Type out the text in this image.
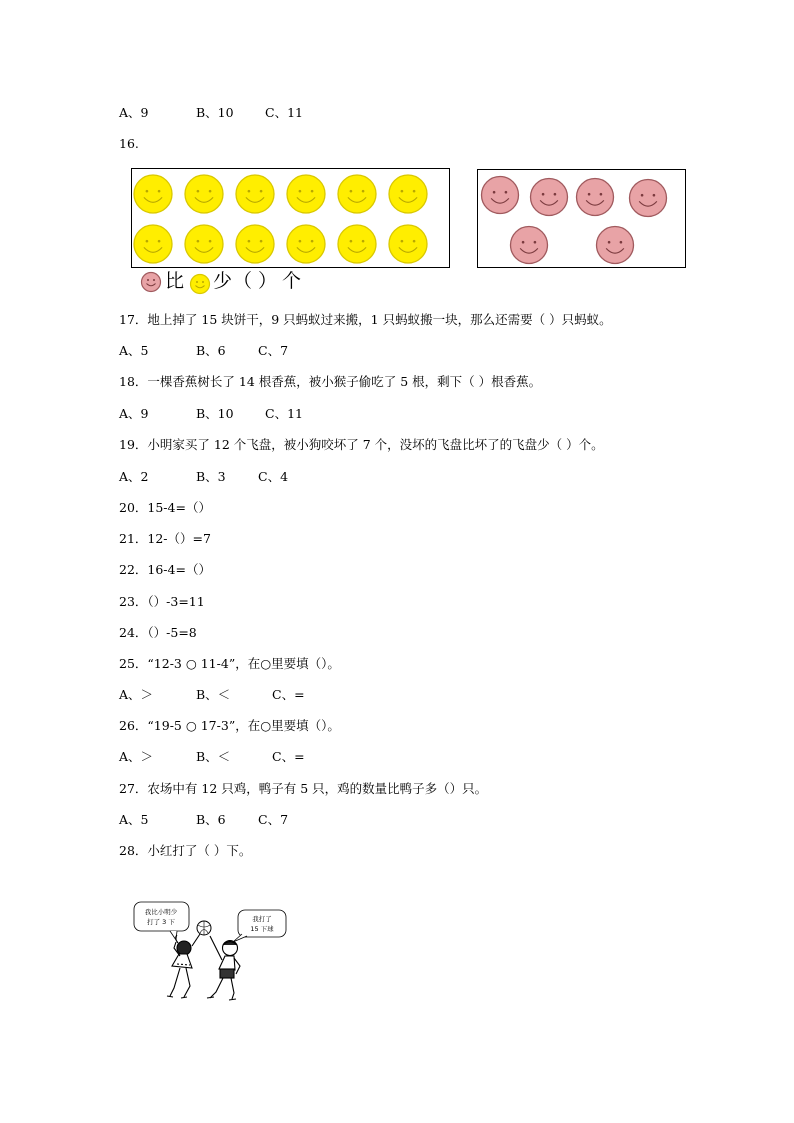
A、9	B、10	C、11
16.
比 少 （ ） 个
17．地上掉了 15 块饼干，9 只蚂蚁过来搬，1 只蚂蚁搬一块，那么还需要（ ）只蚂蚁。
A、5	B、6	C、7
18．一棵香蕉树长了 14 根香蕉，被小猴子偷吃了 5 根，剩下（ ）根香蕉。
A、9	B、10	C、11
19．小明家买了 12 个飞盘，被小狗咬坏了 7 个，没坏的飞盘比坏了的飞盘少（ ）个。
A、2	B、3	C、4
20．15-4=（）
21．12-（）=7
22．16-4=（）
23．（）-3=11
24．（）-5=8
25．“12-3 ○ 11-4”，在○里要填（）。
A、＞	B、＜	C、=
26．“19-5 ○ 17-3”，在○里要填（）。
A、＞	B、＜	C、=
27．农场中有 12 只鸡，鸭子有 5 只，鸡的数量比鸭子多（）只。
A、5	B、6	C、7
28．小红打了（ ）下。
我比小明少
打了 3 下	我打了
15 下球
